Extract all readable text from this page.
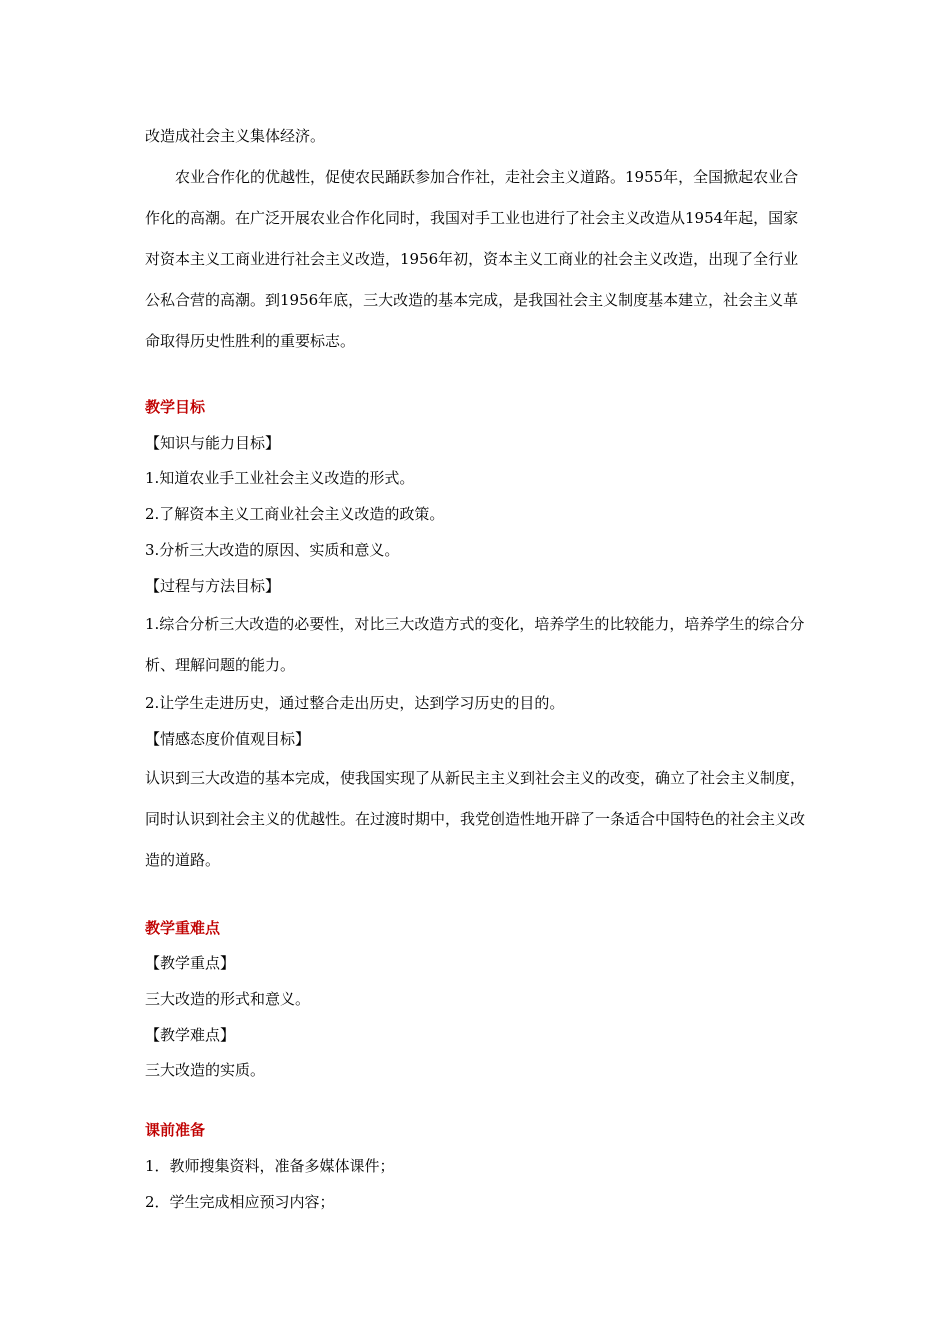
改造成社会主义集体经济。

农业合作化的优越性，促使农民踊跃参加合作社，走社会主义道路。1955年，全国掀起农业合作化的高潮。在广泛开展农业合作化同时，我国对手工业也进行了社会主义改造从1954年起，国家对资本主义工商业进行社会主义改造，1956年初，资本主义工商业的社会主义改造，出现了全行业公私合营的高潮。到1956年底，三大改造的基本完成，是我国社会主义制度基本建立，社会主义革命取得历史性胜利的重要标志。

教学目标

【知识与能力目标】

1.知道农业手工业社会主义改造的形式。

2.了解资本主义工商业社会主义改造的政策。

3.分析三大改造的原因、实质和意义。

【过程与方法目标】

1.综合分析三大改造的必要性，对比三大改造方式的变化，培养学生的比较能力，培养学生的综合分析、理解问题的能力。

2.让学生走进历史，通过整合走出历史，达到学习历史的目的。

【情感态度价值观目标】

认识到三大改造的基本完成，使我国实现了从新民主主义到社会主义的改变，确立了社会主义制度，同时认识到社会主义的优越性。在过渡时期中，我党创造性地开辟了一条适合中国特色的社会主义改造的道路。

教学重难点

【教学重点】

三大改造的形式和意义。

【教学难点】

三大改造的实质。

课前准备

1．教师搜集资料，准备多媒体课件；

2．学生完成相应预习内容；
